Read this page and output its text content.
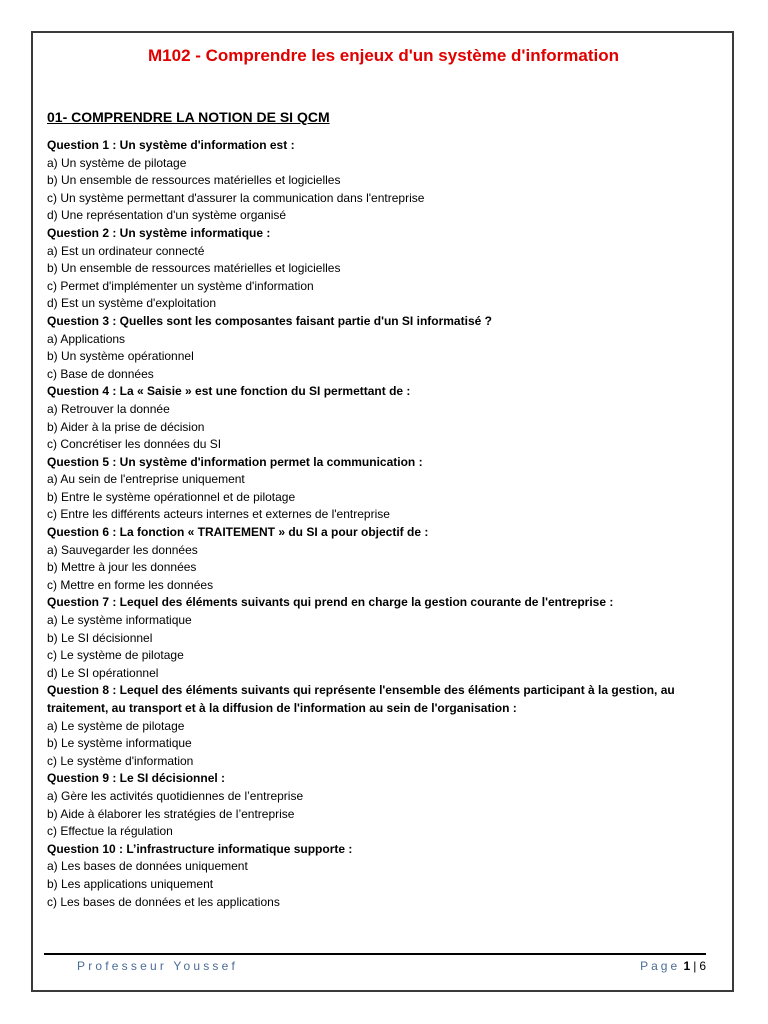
M102 - Comprendre les enjeux d'un système d'information
01- COMPRENDRE LA NOTION DE SI QCM

Question 1 : Un système d'information est :

a) Un système de pilotage

b) Un ensemble de ressources matérielles et logicielles

c) Un système permettant d'assurer la communication dans l'entreprise

d) Une représentation d'un système organisé

Question 2 : Un système informatique :

a) Est un ordinateur connecté

b) Un ensemble de ressources matérielles et logicielles

c) Permet d'implémenter un système d'information

d) Est un système d'exploitation

Question 3 : Quelles sont les composantes faisant partie d'un SI informatisé ?

a) Applications

b) Un système opérationnel

c) Base de données

Question 4 : La « Saisie » est une fonction du SI permettant de :

a) Retrouver la donnée

b) Aider à la prise de décision

c) Concrétiser les données du SI

Question 5 : Un système d'information permet la communication :

a) Au sein de l'entreprise uniquement

b) Entre le système opérationnel et de pilotage

c) Entre les différents acteurs internes et externes de l'entreprise

Question 6 : La fonction « TRAITEMENT » du SI a pour objectif de :

a) Sauvegarder les données

b) Mettre à jour les données

c) Mettre en forme les données

Question 7 : Lequel des éléments suivants qui prend en charge la gestion courante de l'entreprise :

a) Le système informatique

b) Le SI décisionnel

c) Le système de pilotage

d) Le SI opérationnel

Question 8 : Lequel des éléments suivants qui représente l'ensemble des éléments participant à la gestion, au traitement, au transport et à la diffusion de l'information au sein de l'organisation :

a) Le système de pilotage

b) Le système informatique

c) Le système d'information

Question 9 : Le SI décisionnel :

a) Gère les activités quotidiennes de l’entreprise

b) Aide à élaborer les stratégies de l’entreprise

c) Effectue la régulation

Question 10 : L’infrastructure informatique supporte :

a) Les bases de données uniquement

b) Les applications uniquement

c) Les bases de données et les applications

Professeur Youssef	Page 1 | 6
